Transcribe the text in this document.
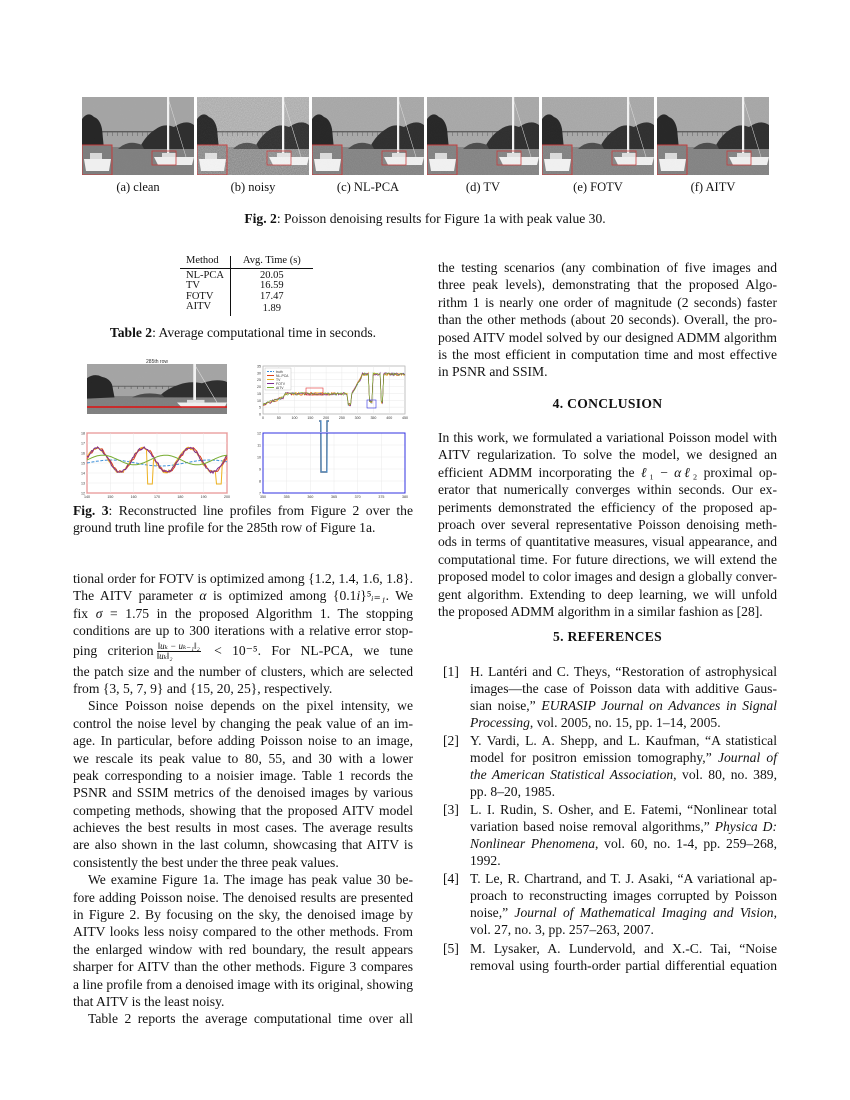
(a) clean	(b) noisy	(c) NL-PCA	(d) TV	(e) FOTV	(f) AITV
Fig. 2: Poisson denoising results for Figure 1a with peak value 30.
Method	Avg. Time (s)
NL-PCA	20.05
TV	16.59
FOTV	17.47
AITV	1.89
Table 2: Average computational time in seconds.
285th row
0
5
10
15
20
25
30
35
0	50	100	150	200	250	300	350	400	450
truth
NL-PCA
TV
FOTV
AITV
12
13
14
15
16
17
18
140	150	160	170	180	190	200
7
8
9
10
11
12
350	355	360	365	370	375	380
Fig. 3: Reconstructed line profiles from Figure 2 over the
ground truth line profile for the 285th row of Figure 1a.
tional order for FOTV is optimized among {1.2, 1.4, 1.6, 1.8}.
The AITV parameter α is optimized among {0.1i}⁵ᵢ₌₁. We
fix σ = 1.75 in the proposed Algorithm 1. The stopping
conditions are up to 300 iterations with a relative error stop-
ping criterion $\frac{\text{‖uₖ − uₖ₋₁‖₂}}{\text{‖uₖ‖₂}} < 10^{-5}$. For NL-PCA, we tune
the patch size and the number of clusters, which are selected
from {3, 5, 7, 9} and {15, 20, 25}, respectively.
Since Poisson noise depends on the pixel intensity, we
control the noise level by changing the peak value of an im-
age. In particular, before adding Poisson noise to an image,
we rescale its peak value to 80, 55, and 30 with a lower
peak corresponding to a noisier image. Table 1 records the
PSNR and SSIM metrics of the denoised images by various
competing methods, showing that the proposed AITV model
achieves the best results in most cases. The average results
are also shown in the last column, showcasing that AITV is
consistently the best under the three peak values.
We examine Figure 1a. The image has peak value 30 be-
fore adding Poisson noise. The denoised results are presented
in Figure 2. By focusing on the sky, the denoised image by
AITV looks less noisy compared to the other methods. From
the enlarged window with red boundary, the result appears
sharper for AITV than the other methods. Figure 3 compares
a line profile from a denoised image with its original, showing
that AITV is the least noisy.
Table 2 reports the average computational time over all
the testing scenarios (any combination of five images and
three peak levels), demonstrating that the proposed Algo-
rithm 1 is nearly one order of magnitude (2 seconds) faster
than the other methods (about 20 seconds). Overall, the pro-
posed AITV model solved by our designed ADMM algorithm
is the most efficient in computation time and most effective
in PSNR and SSIM.
4. CONCLUSION
In this work, we formulated a variational Poisson model with
AITV regularization. To solve the model, we designed an
efficient ADMM incorporating the ℓ₁ − αℓ₂ proximal op-
erator that numerically converges within seconds. Our ex-
periments demonstrated the efficiency of the proposed ap-
proach over several representative Poisson denoising meth-
ods in terms of quantitative measures, visual appearance, and
computational time. For future directions, we will extend the
proposed model to color images and design a globally conver-
gent algorithm. Extending to deep learning, we will unfold
the proposed ADMM algorithm in a similar fashion as [28].
5. REFERENCES
[1] H. Lantéri and C. Theys, “Restoration of astrophysical
images—the case of Poisson data with additive Gaus-
sian noise,” EURASIP Journal on Advances in Signal
Processing, vol. 2005, no. 15, pp. 1–14, 2005.
[2] Y. Vardi, L. A. Shepp, and L. Kaufman, “A statistical
model for positron emission tomography,” Journal of
the American Statistical Association, vol. 80, no. 389,
pp. 8–20, 1985.
[3] L. I. Rudin, S. Osher, and E. Fatemi, “Nonlinear total
variation based noise removal algorithms,” Physica D:
Nonlinear Phenomena, vol. 60, no. 1-4, pp. 259–268,
1992.
[4] T. Le, R. Chartrand, and T. J. Asaki, “A variational ap-
proach to reconstructing images corrupted by Poisson
noise,” Journal of Mathematical Imaging and Vision,
vol. 27, no. 3, pp. 257–263, 2007.
[5] M. Lysaker, A. Lundervold, and X.-C. Tai, “Noise
removal using fourth-order partial differential equation
